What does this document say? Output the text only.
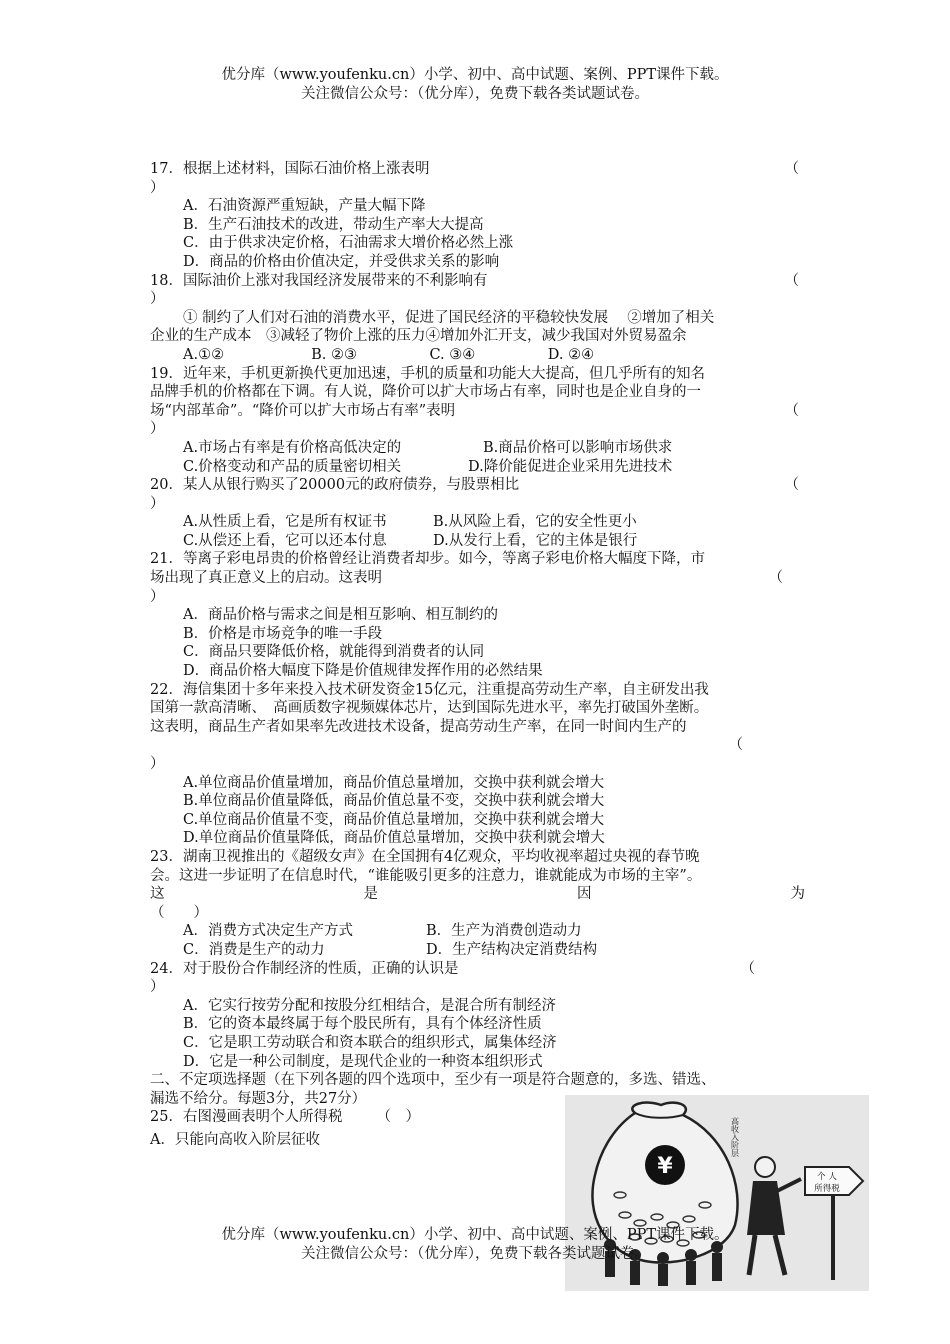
优分库（www.youfenku.cn）小学、初中、高中试题、案例、PPT课件下载。
关注微信公众号：（优分库），免费下载各类试题试卷。
17．根据上述材料，国际石油价格上涨表明	（
）
A．石油资源严重短缺，产量大幅下降
B．生产石油技术的改进，带动生产率大大提高
C．由于供求决定价格，石油需求大增价格必然上涨
D．商品的价格由价值决定，并受供求关系的影响
18．国际油价上涨对我国经济发展带来的不利影响有	（
）
① 制约了人们对石油的消费水平，促进了国民经济的平稳较快发展　 ②增加了相关
企业的生产成本　③减轻了物价上涨的压力④增加外汇开支，减少我国对外贸易盈余
A.①②　　　　　　B. ②③　　　　　C. ③④　　　　　D. ②④
19．近年来，手机更新换代更加迅速，手机的质量和功能大大提高，但几乎所有的知名
品牌手机的价格都在下调。有人说，降价可以扩大市场占有率，同时也是企业自身的一
场“内部革命”。“降价可以扩大市场占有率”表明	（
）
A.市场占有率是有价格高低决定的	B.商品价格可以影响市场供求
C.价格变动和产品的质量密切相关	D.降价能促进企业采用先进技术
20．某人从银行购买了20000元的政府债券，与股票相比	（
）
A.从性质上看，它是所有权证书	B.从风险上看，它的安全性更小
C.从偿还上看，它可以还本付息	D.从发行上看，它的主体是银行
21．等离子彩电昂贵的价格曾经让消费者却步。如今，等离子彩电价格大幅度下降，市
场出现了真正意义上的启动。这表明	（
）
A．商品价格与需求之间是相互影响、相互制约的
B．价格是市场竞争的唯一手段
C．商品只要降低价格，就能得到消费者的认同
D．商品价格大幅度下降是价值规律发挥作用的必然结果
22．海信集团十多年来投入技术研发资金15亿元，注重提高劳动生产率，自主研发出我
国第一款高清晰、　高画质数字视频媒体芯片，达到国际先进水平，率先打破国外垄断。
这表明，商品生产者如果率先改进技术设备，提高劳动生产率，在同一时间内生产的
（
）
A.单位商品价值量增加，商品价值总量增加，交换中获利就会增大
B.单位商品价值量降低，商品价值总量不变，交换中获利就会增大
C.单位商品价值量不变，商品价值总量增加，交换中获利就会增大
D.单位商品价值量降低，商品价值总量增加，交换中获利就会增大
23．湖南卫视推出的《超级女声》在全国拥有4亿观众，平均收视率超过央视的春节晚
会。这进一步证明了在信息时代，“谁能吸引更多的注意力，谁就能成为市场的主宰”。
这	是	因	为
（　　）
A．消费方式决定生产方式	B．生产为消费创造动力
C．消费是生产的动力	D．生产结构决定消费结构
24．对于股份合作制经济的性质，正确的认识是	（
）
A．它实行按劳分配和按股分红相结合，是混合所有制经济
B．它的资本最终属于每个股民所有，具有个体经济性质
C．它是职工劳动联合和资本联合的组织形式，属集体经济
D．它是一种公司制度，是现代企业的一种资本组织形式
二、不定项选择题（在下列各题的四个选项中，至少有一项是符合题意的，多选、错选、
漏选不给分。每题3分，共27分）
25．右图漫画表明个人所得税 （　）
A．只能向高收入阶层征收
¥
高收入阶层
个 人
所得税
优分库（www.youfenku.cn）小学、初中、高中试题、案例、PPT课件下载。
关注微信公众号：（优分库），免费下载各类试题试卷。
